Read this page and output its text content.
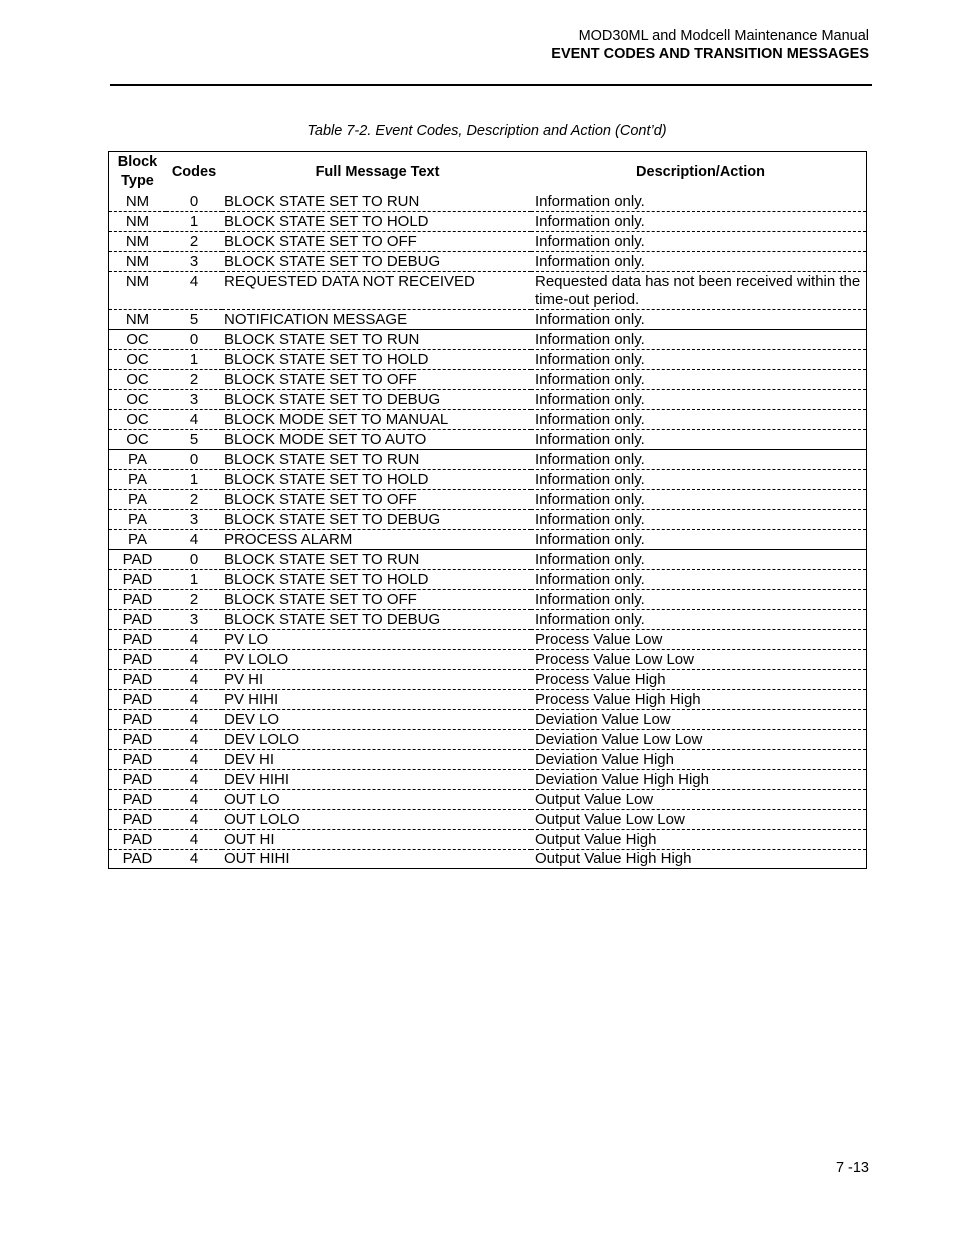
MOD30ML and Modcell Maintenance Manual
EVENT CODES AND TRANSITION MESSAGES
Table 7-2. Event Codes, Description and Action (Cont’d)
Block Type	Codes	Full Message Text	Description/Action
NM	0	BLOCK STATE SET TO RUN	Information only.
NM	1	BLOCK STATE SET TO HOLD	Information only.
NM	2	BLOCK STATE SET TO OFF	Information only.
NM	3	BLOCK STATE SET TO DEBUG	Information only.
NM	4	REQUESTED DATA NOT RECEIVED	Requested data has not been received within the time-out period.
NM	5	NOTIFICATION MESSAGE	Information only.
OC	0	BLOCK STATE SET TO RUN	Information only.
OC	1	BLOCK STATE SET TO HOLD	Information only.
OC	2	BLOCK STATE SET TO OFF	Information only.
OC	3	BLOCK STATE SET TO DEBUG	Information only.
OC	4	BLOCK MODE SET TO MANUAL	Information only.
OC	5	BLOCK MODE SET TO AUTO	Information only.
PA	0	BLOCK STATE SET TO RUN	Information only.
PA	1	BLOCK STATE SET TO HOLD	Information only.
PA	2	BLOCK STATE SET TO OFF	Information only.
PA	3	BLOCK STATE SET TO DEBUG	Information only.
PA	4	PROCESS ALARM	Information only.
PAD	0	BLOCK STATE SET TO RUN	Information only.
PAD	1	BLOCK STATE SET TO HOLD	Information only.
PAD	2	BLOCK STATE SET TO OFF	Information only.
PAD	3	BLOCK STATE SET TO DEBUG	Information only.
PAD	4	PV LO	Process Value Low
PAD	4	PV LOLO	Process Value Low Low
PAD	4	PV HI	Process Value High
PAD	4	PV HIHI	Process Value High High
PAD	4	DEV LO	Deviation Value Low
PAD	4	DEV LOLO	Deviation Value Low Low
PAD	4	DEV HI	Deviation Value High
PAD	4	DEV HIHI	Deviation Value High High
PAD	4	OUT LO	Output Value Low
PAD	4	OUT LOLO	Output Value Low Low
PAD	4	OUT HI	Output Value High
PAD	4	OUT HIHI	Output Value High High
7 -13
